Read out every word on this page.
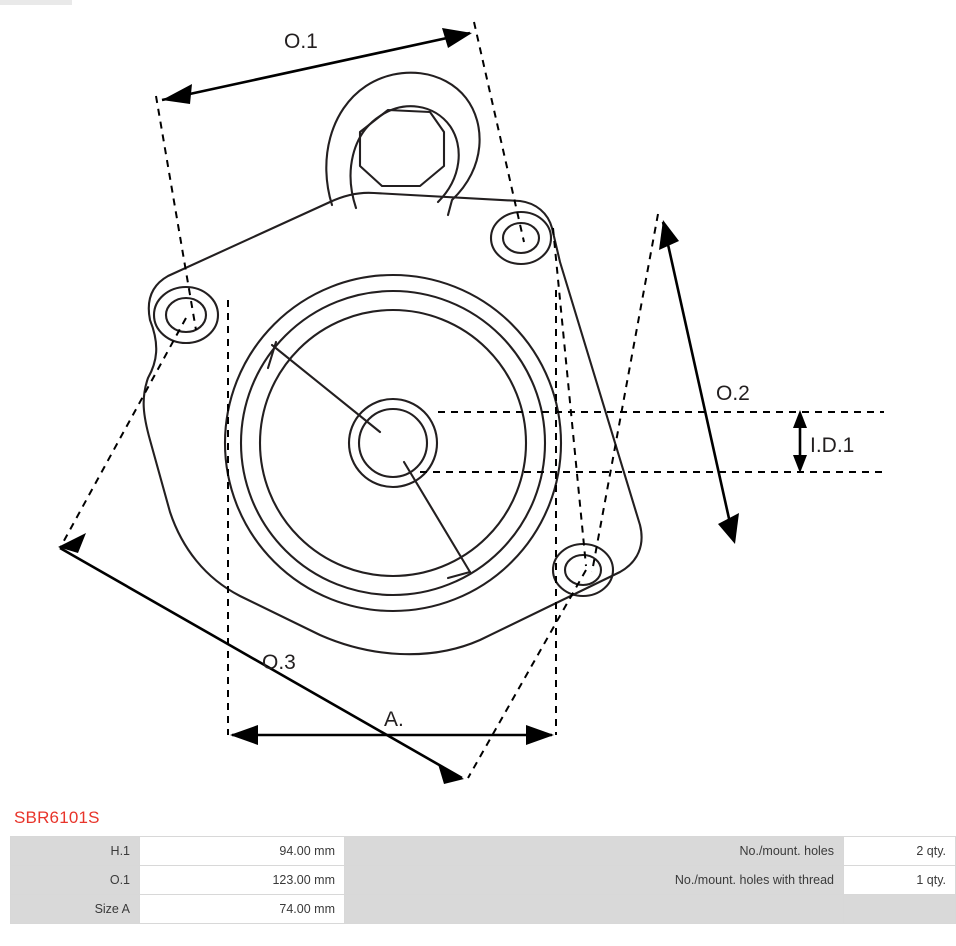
O.1
O.2
O.3
I.D.1
A.
SBR6101S
H.1	94.00 mm	No./mount. holes	2 qty.
O.1	123.00 mm	No./mount. holes with thread	1 qty.
Size A	74.00 mm		
